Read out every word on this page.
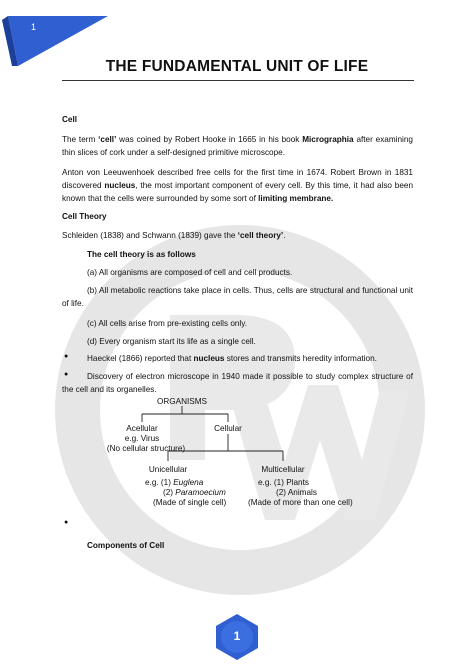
1
THE FUNDAMENTAL UNIT OF LIFE
Cell
The term ‘cell’ was coined by Robert Hooke in 1665 in his book Micrographia after examining thin slices of cork under a self-designed primitive microscope.
Anton von Leeuwenhoek described free cells for the first time in 1674. Robert Brown in 1831 discovered nucleus, the most important component of every cell. By this time, it had also been known that the cells were surrounded by some sort of limiting membrane.
Cell Theory
Schleiden (1838) and Schwann (1839) gave the ‘cell theory’.
The cell theory is as follows
(a) All organisms are composed of cell and cell products.
(b) All metabolic reactions take place in cells. Thus, cells are structural and functional unit of life.
(c) All cells arise from pre-existing cells only.
(d) Every organism start its life as a single cell.
● Haeckel (1866) reported that nucleus stores and transmits heredity information.
●	Discovery of electron microscope in 1940 made it possible to study complex structure of the cell and its organelles.
ORGANISMS
Acellular
e.g. Virus
(No cellular structure)
Cellular
Unicellular
e.g. (1) Euglena
(2) Paramoecium
(Made of single cell)
Multicellular
e.g. (1) Plants
(2) Animals
(Made of more than one cell)
●
Components of Cell
1
